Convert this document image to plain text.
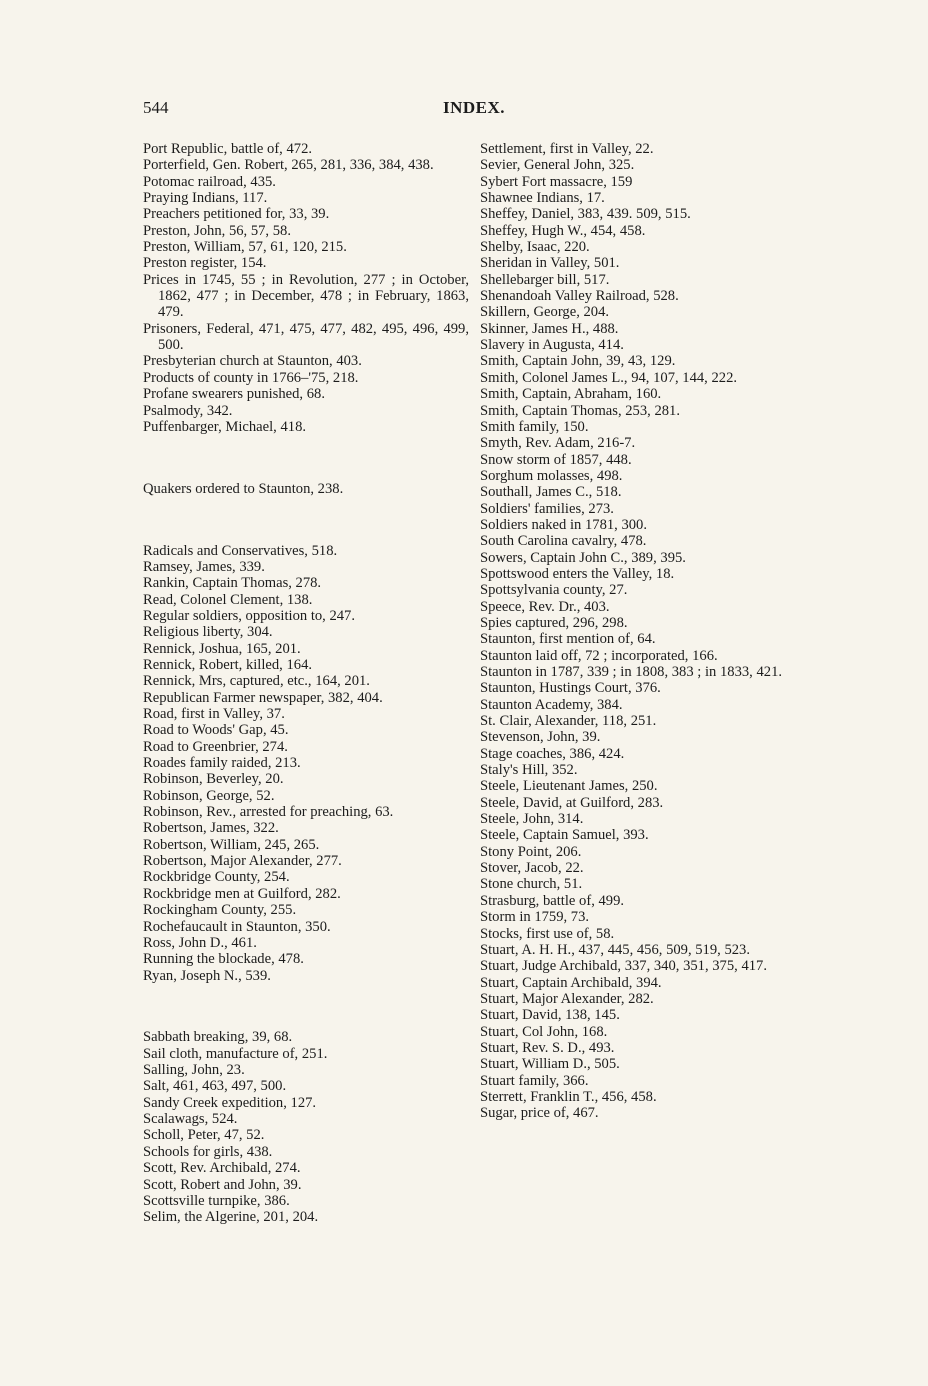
544	INDEX.

Port Republic, battle of, 472.

Porterfield, Gen. Robert, 265, 281, 336, 384, 438.

Potomac railroad, 435.

Praying Indians, 117.

Preachers petitioned for, 33, 39.

Preston, John, 56, 57, 58.

Preston, William, 57, 61, 120, 215.

Preston register, 154.

Prices in 1745, 55 ; in Revolution, 277 ; in October, 1862, 477 ; in December, 478 ; in February, 1863, 479.

Prisoners, Federal, 471, 475, 477, 482, 495, 496, 499, 500.

Presbyterian church at Staunton, 403.

Products of county in 1766–'75, 218.

Profane swearers punished, 68.

Psalmody, 342.

Puffenbarger, Michael, 418.

Quakers ordered to Staunton, 238.

Radicals and Conservatives, 518.

Ramsey, James, 339.

Rankin, Captain Thomas, 278.

Read, Colonel Clement, 138.

Regular soldiers, opposition to, 247.

Religious liberty, 304.

Rennick, Joshua, 165, 201.

Rennick, Robert, killed, 164.

Rennick, Mrs, captured, etc., 164, 201.

Republican Farmer newspaper, 382, 404.

Road, first in Valley, 37.

Road to Woods' Gap, 45.

Road to Greenbrier, 274.

Roades family raided, 213.

Robinson, Beverley, 20.

Robinson, George, 52.

Robinson, Rev., arrested for preaching, 63.

Robertson, James, 322.

Robertson, William, 245, 265.

Robertson, Major Alexander, 277.

Rockbridge County, 254.

Rockbridge men at Guilford, 282.

Rockingham County, 255.

Rochefaucault in Staunton, 350.

Ross, John D., 461.

Running the blockade, 478.

Ryan, Joseph N., 539.

Sabbath breaking, 39, 68.

Sail cloth, manufacture of, 251.

Salling, John, 23.

Salt, 461, 463, 497, 500.

Sandy Creek expedition, 127.

Scalawags, 524.

Scholl, Peter, 47, 52.

Schools for girls, 438.

Scott, Rev. Archibald, 274.

Scott, Robert and John, 39.

Scottsville turnpike, 386.

Selim, the Algerine, 201, 204.

Settlement, first in Valley, 22.

Sevier, General John, 325.

Sybert Fort massacre, 159

Shawnee Indians, 17.

Sheffey, Daniel, 383, 439. 509, 515.

Sheffey, Hugh W., 454, 458.

Shelby, Isaac, 220.

Sheridan in Valley, 501.

Shellebarger bill, 517.

Shenandoah Valley Railroad, 528.

Skillern, George, 204.

Skinner, James H., 488.

Slavery in Augusta, 414.

Smith, Captain John, 39, 43, 129.

Smith, Colonel James L., 94, 107, 144, 222.

Smith, Captain, Abraham, 160.

Smith, Captain Thomas, 253, 281.

Smith family, 150.

Smyth, Rev. Adam, 216-7.

Snow storm of 1857, 448.

Sorghum molasses, 498.

Southall, James C., 518.

Soldiers' families, 273.

Soldiers naked in 1781, 300.

South Carolina cavalry, 478.

Sowers, Captain John C., 389, 395.

Spottswood enters the Valley, 18.

Spottsylvania county, 27.

Speece, Rev. Dr., 403.

Spies captured, 296, 298.

Staunton, first mention of, 64.

Staunton laid off, 72 ; incorporated, 166.

Staunton in 1787, 339 ; in 1808, 383 ; in 1833, 421.

Staunton, Hustings Court, 376.

Staunton Academy, 384.

St. Clair, Alexander, 118, 251.

Stevenson, John, 39.

Stage coaches, 386, 424.

Staly's Hill, 352.

Steele, Lieutenant James, 250.

Steele, David, at Guilford, 283.

Steele, John, 314.

Steele, Captain Samuel, 393.

Stony Point, 206.

Stover, Jacob, 22.

Stone church, 51.

Strasburg, battle of, 499.

Storm in 1759, 73.

Stocks, first use of, 58.

Stuart, A. H. H., 437, 445, 456, 509, 519, 523.

Stuart, Judge Archibald, 337, 340, 351, 375, 417.

Stuart, Captain Archibald, 394.

Stuart, Major Alexander, 282.

Stuart, David, 138, 145.

Stuart, Col John, 168.

Stuart, Rev. S. D., 493.

Stuart, William D., 505.

Stuart family, 366.

Sterrett, Franklin T., 456, 458.

Sugar, price of, 467.
